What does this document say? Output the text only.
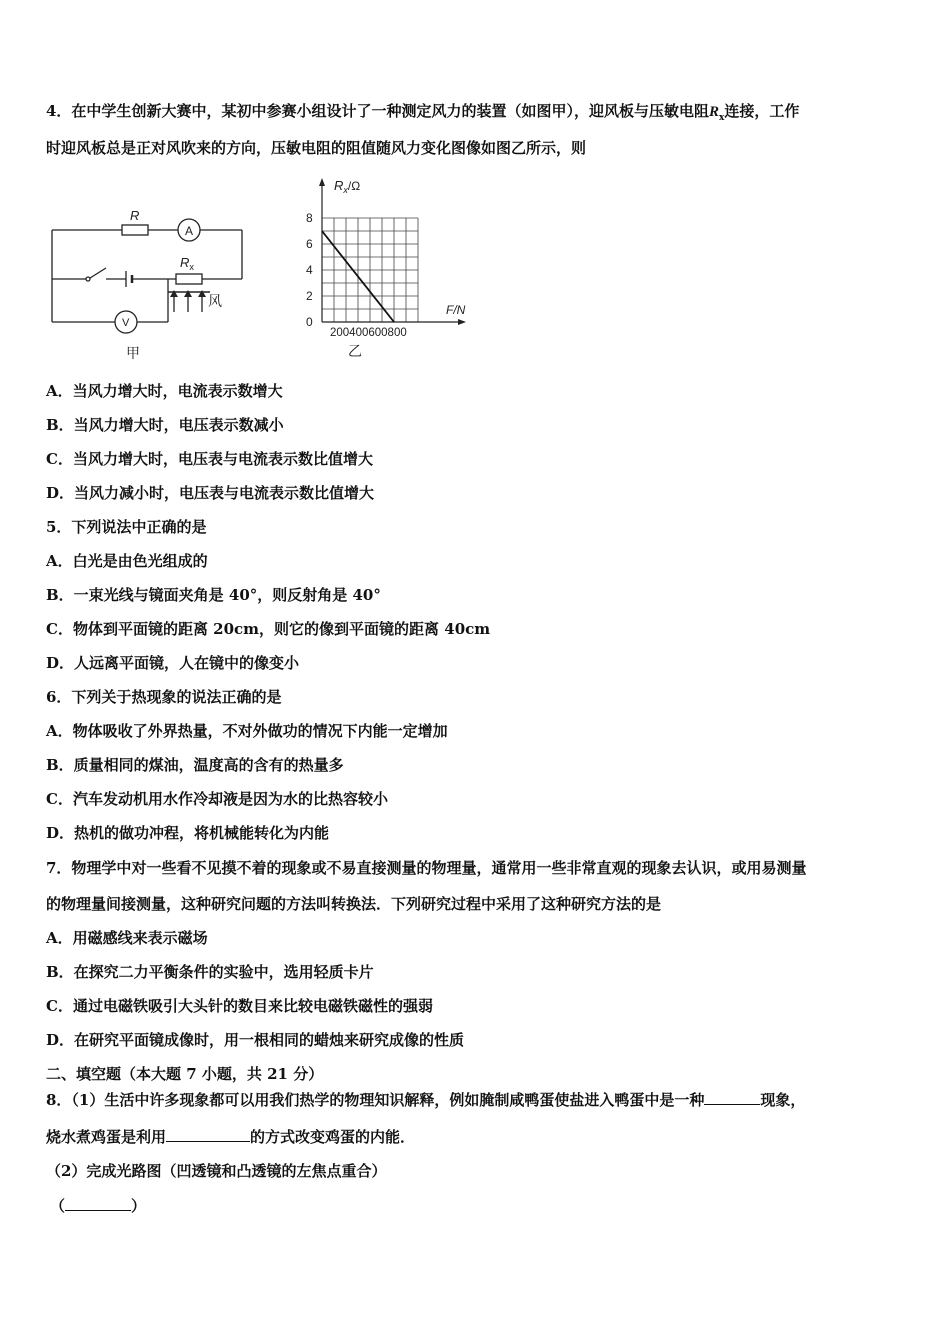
4．在中学生创新大赛中，某初中参赛小组设计了一种测定风力的装置（如图甲），迎风板与压敏电阻$R_x$连接，工作
时迎风板总是正对风吹来的方向，压敏电阻的阻值随风力变化图像如图乙所示，则
R
A
$R_x$
风
V
甲
8
6
4
2
0
$R_x/\Omega$
F/N
200400600800
乙
A．当风力增大时，电流表示数增大
B．当风力增大时，电压表示数减小
C．当风力增大时，电压表与电流表示数比值增大
D．当风力减小时，电压表与电流表示数比值增大
5．下列说法中正确的是
A．白光是由色光组成的
B．一束光线与镜面夹角是 40°，则反射角是 40°
C．物体到平面镜的距离 20cm，则它的像到平面镜的距离 40cm
D．人远离平面镜，人在镜中的像变小
6．下列关于热现象的说法正确的是
A．物体吸收了外界热量，不对外做功的情况下内能一定增加
B．质量相同的煤油，温度高的含有的热量多
C．汽车发动机用水作冷却液是因为水的比热容较小
D．热机的做功冲程，将机械能转化为内能
7．物理学中对一些看不见摸不着的现象或不易直接测量的物理量，通常用一些非常直观的现象去认识，或用易测量
的物理量间接测量，这种研究问题的方法叫转换法．下列研究过程中采用了这种研究方法的是
A．用磁感线来表示磁场
B．在探究二力平衡条件的实验中，选用轻质卡片
C．通过电磁铁吸引大头针的数目来比较电磁铁磁性的强弱
D．在研究平面镜成像时，用一根相同的蜡烛来研究成像的性质
二、填空题（本大题 7 小题，共 21 分）
8．（1）生活中许多现象都可以用我们热学的物理知识解释，例如腌制咸鸭蛋使盐进入鸭蛋中是一种	现象，
烧水煮鸡蛋是利用	的方式改变鸡蛋的内能．
（2）完成光路图（凹透镜和凸透镜的左焦点重合）
（	）
